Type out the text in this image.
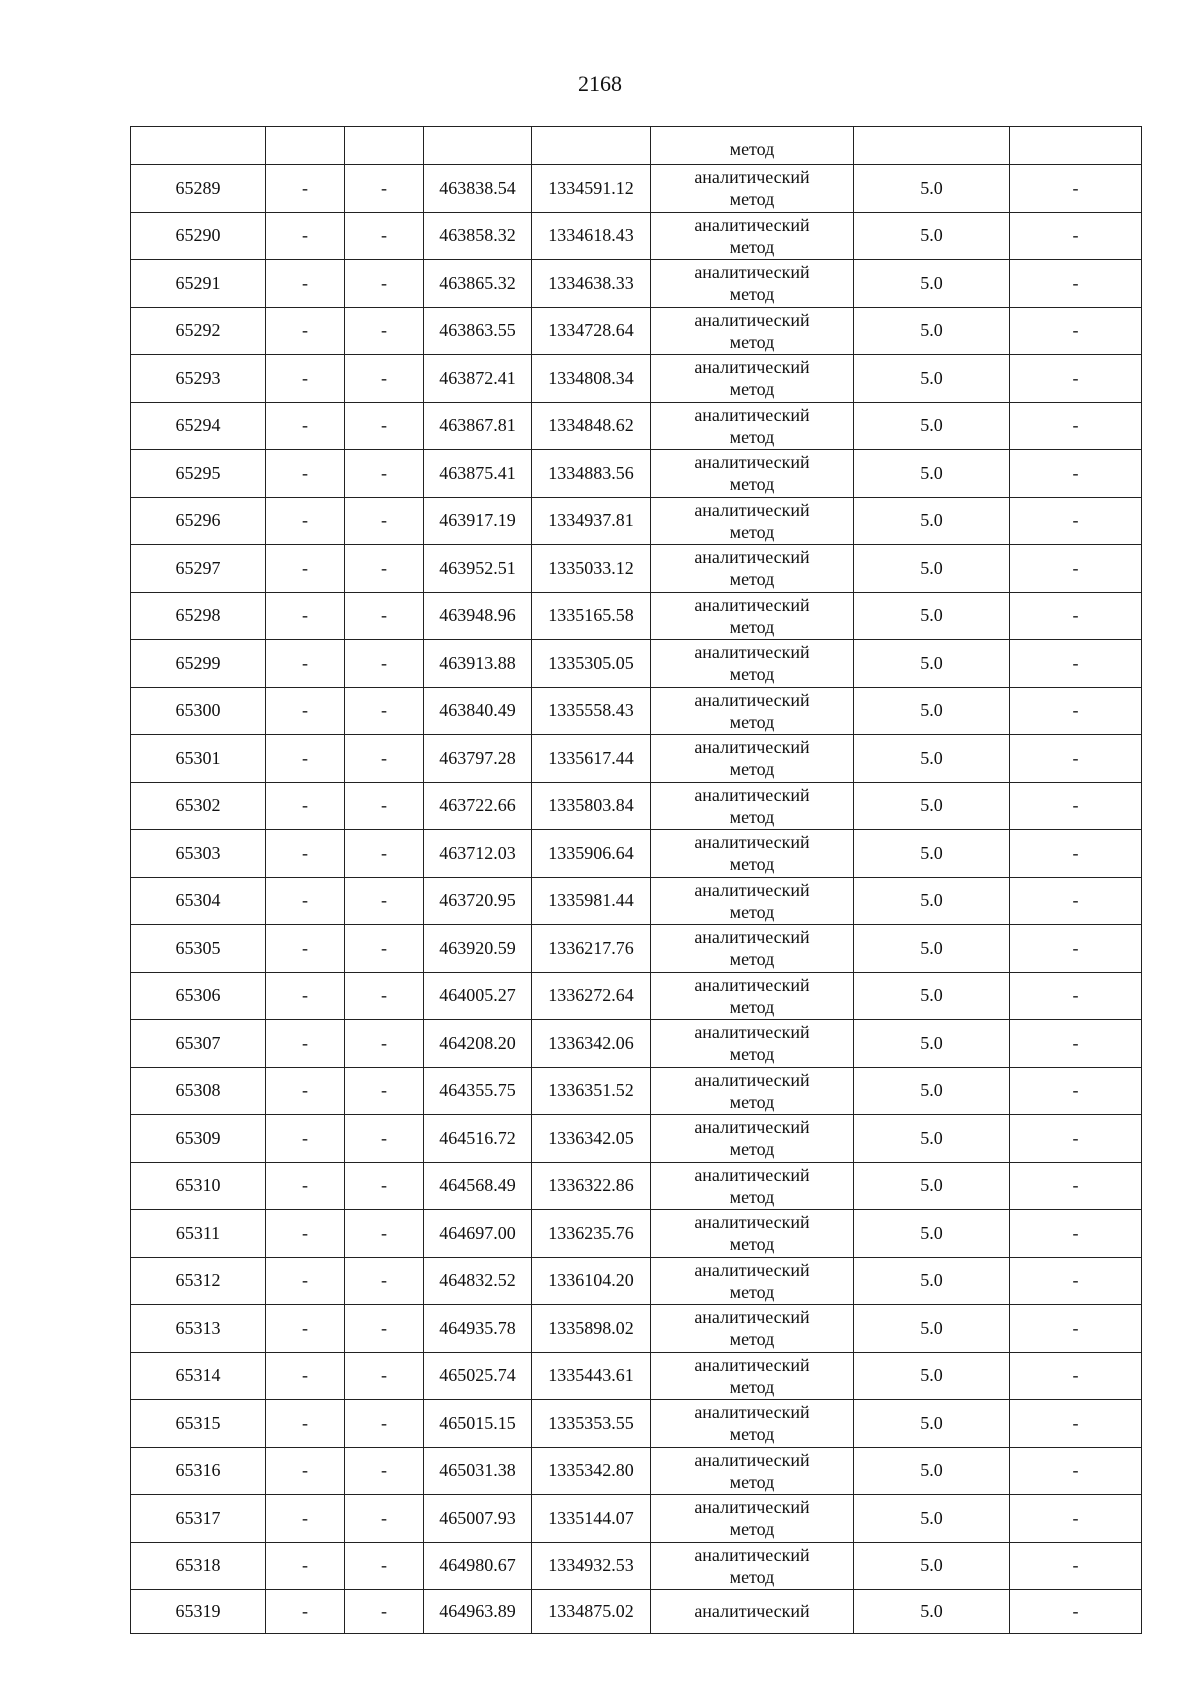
2168

					метод		

65289	-	-	463838.54	1334591.12	аналитический
метод	5.0	-
65290	-	-	463858.32	1334618.43	аналитический
метод	5.0	-
65291	-	-	463865.32	1334638.33	аналитический
метод	5.0	-
65292	-	-	463863.55	1334728.64	аналитический
метод	5.0	-
65293	-	-	463872.41	1334808.34	аналитический
метод	5.0	-
65294	-	-	463867.81	1334848.62	аналитический
метод	5.0	-
65295	-	-	463875.41	1334883.56	аналитический
метод	5.0	-
65296	-	-	463917.19	1334937.81	аналитический
метод	5.0	-
65297	-	-	463952.51	1335033.12	аналитический
метод	5.0	-
65298	-	-	463948.96	1335165.58	аналитический
метод	5.0	-
65299	-	-	463913.88	1335305.05	аналитический
метод	5.0	-
65300	-	-	463840.49	1335558.43	аналитический
метод	5.0	-
65301	-	-	463797.28	1335617.44	аналитический
метод	5.0	-
65302	-	-	463722.66	1335803.84	аналитический
метод	5.0	-
65303	-	-	463712.03	1335906.64	аналитический
метод	5.0	-
65304	-	-	463720.95	1335981.44	аналитический
метод	5.0	-
65305	-	-	463920.59	1336217.76	аналитический
метод	5.0	-
65306	-	-	464005.27	1336272.64	аналитический
метод	5.0	-
65307	-	-	464208.20	1336342.06	аналитический
метод	5.0	-
65308	-	-	464355.75	1336351.52	аналитический
метод	5.0	-
65309	-	-	464516.72	1336342.05	аналитический
метод	5.0	-
65310	-	-	464568.49	1336322.86	аналитический
метод	5.0	-
65311	-	-	464697.00	1336235.76	аналитический
метод	5.0	-
65312	-	-	464832.52	1336104.20	аналитический
метод	5.0	-
65313	-	-	464935.78	1335898.02	аналитический
метод	5.0	-
65314	-	-	465025.74	1335443.61	аналитический
метод	5.0	-
65315	-	-	465015.15	1335353.55	аналитический
метод	5.0	-
65316	-	-	465031.38	1335342.80	аналитический
метод	5.0	-
65317	-	-	465007.93	1335144.07	аналитический
метод	5.0	-
65318	-	-	464980.67	1334932.53	аналитический
метод	5.0	-
65319	-	-	464963.89	1334875.02	аналитический	5.0	-
